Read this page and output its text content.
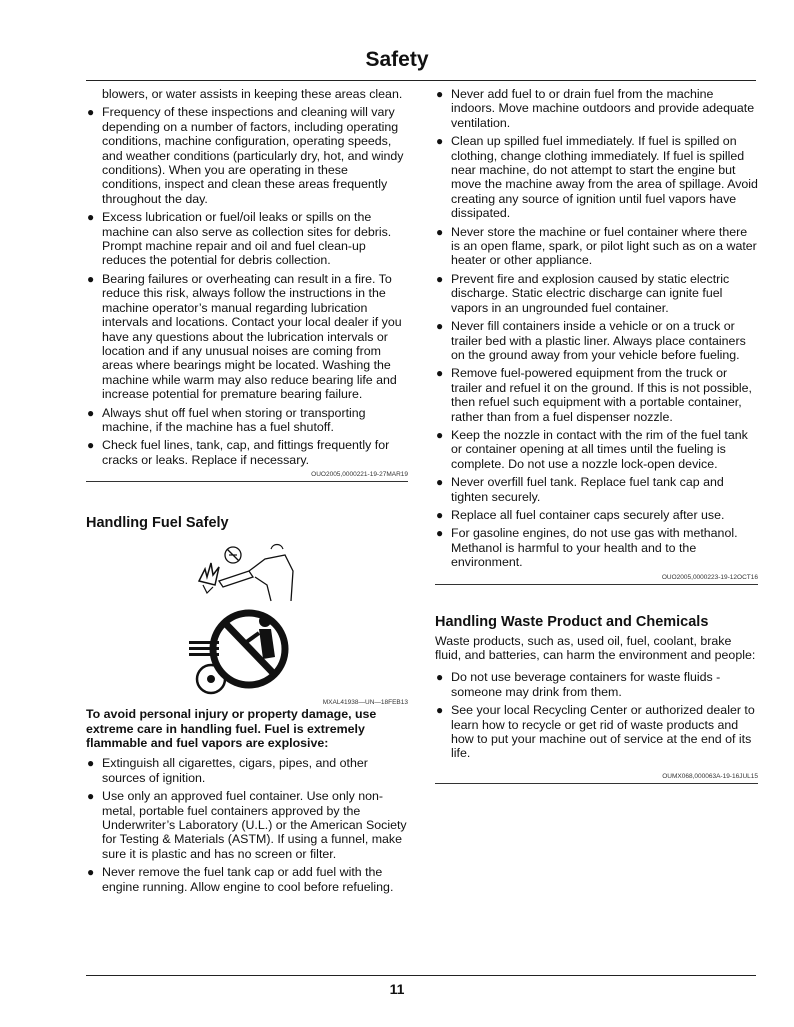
Safety
blowers, or water assists in keeping these areas clean.
● Frequency of these inspections and cleaning will vary depending on a number of factors, including operating conditions, machine configuration, operating speeds, and weather conditions (particularly dry, hot, and windy conditions). When you are operating in these conditions, inspect and clean these areas frequently throughout the day.
● Excess lubrication or fuel/oil leaks or spills on the machine can also serve as collection sites for debris. Prompt machine repair and oil and fuel clean-up reduces the potential for debris collection.
● Bearing failures or overheating can result in a fire. To reduce this risk, always follow the instructions in the machine operator’s manual regarding lubrication intervals and locations. Contact your local dealer if you have any questions about the lubrication intervals or location and if any unusual noises are coming from areas where bearings might be located. Washing the machine while warm may also reduce bearing life and increase potential for premature bearing failure.
● Always shut off fuel when storing or transporting machine, if the machine has a fuel shutoff.
● Check fuel lines, tank, cap, and fittings frequently for cracks or leaks. Replace if necessary.
OUO2005,0000221-19-27MAR19
Handling Fuel Safely
MXAL41938—UN—18FEB13

To avoid personal injury or property damage, use extreme care in handling fuel. Fuel is extremely flammable and fuel vapors are explosive:

● Extinguish all cigarettes, cigars, pipes, and other sources of ignition.
● Use only an approved fuel container. Use only non-metal, portable fuel containers approved by the Underwriter’s Laboratory (U.L.) or the American Society for Testing & Materials (ASTM). If using a funnel, make sure it is plastic and has no screen or filter.
● Never remove the fuel tank cap or add fuel with the engine running. Allow engine to cool before refueling.
● Never add fuel to or drain fuel from the machine indoors. Move machine outdoors and provide adequate ventilation.
● Clean up spilled fuel immediately. If fuel is spilled on clothing, change clothing immediately. If fuel is spilled near machine, do not attempt to start the engine but move the machine away from the area of spillage. Avoid creating any source of ignition until fuel vapors have dissipated.
● Never store the machine or fuel container where there is an open flame, spark, or pilot light such as on a water heater or other appliance.
● Prevent fire and explosion caused by static electric discharge. Static electric discharge can ignite fuel vapors in an ungrounded fuel container.
● Never fill containers inside a vehicle or on a truck or trailer bed with a plastic liner. Always place containers on the ground away from your vehicle before fueling.
● Remove fuel-powered equipment from the truck or trailer and refuel it on the ground. If this is not possible, then refuel such equipment with a portable container, rather than from a fuel dispenser nozzle.
● Keep the nozzle in contact with the rim of the fuel tank or container opening at all times until the fueling is complete. Do not use a nozzle lock-open device.
● Never overfill fuel tank. Replace fuel tank cap and tighten securely.
● Replace all fuel container caps securely after use.
● For gasoline engines, do not use gas with methanol. Methanol is harmful to your health and to the environment.
OUO2005,0000223-19-12OCT16
Handling Waste Product and Chemicals

Waste products, such as, used oil, fuel, coolant, brake fluid, and batteries, can harm the environment and people:

● Do not use beverage containers for waste fluids - someone may drink from them.
● See your local Recycling Center or authorized dealer to learn how to recycle or get rid of waste products and how to put your machine out of service at the end of its life.
OUMX068,000063A-19-16JUL15
11
